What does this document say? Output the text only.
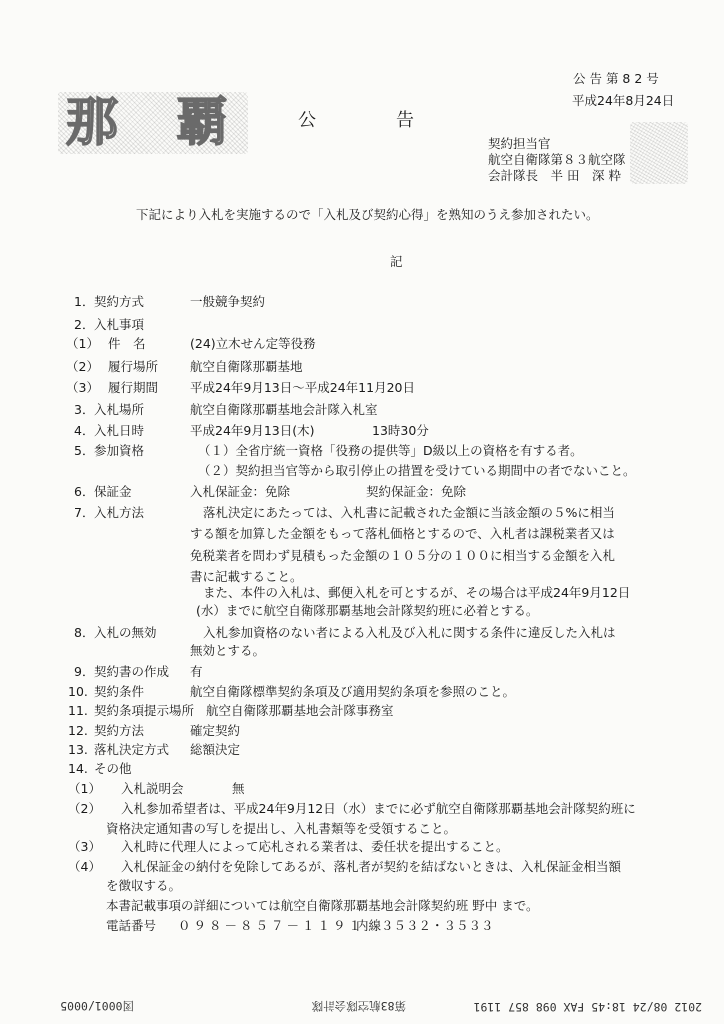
公 告 第 8 2 号
平成24年8月24日
那 覇	公	告
契約担当官
航空自衛隊第８３航空隊
会計隊長　半 田　深 粋
下記により入札を実施するので「入札及び契約心得」を熟知のうえ参加されたい。
記
1． 契約方式	一般競争契約
2． 入札事項
（1） 件　名	(24)立木せん定等役務
（2） 履行場所	航空自衛隊那覇基地
（3） 履行期間	平成24年9月13日～平成24年11月20日
3． 入札場所	航空自衛隊那覇基地会計隊入札室
4． 入札日時	平成24年9月13日(木)	13時30分
5． 参加資格	（１）全省庁統一資格「役務の提供等」D級以上の資格を有する者。
（２）契約担当官等から取引停止の措置を受けている期間中の者でないこと。
6． 保証金	入札保証金：免除	契約保証金：免除
7． 入札方法	落札決定にあたっては、入札書に記載された金額に当該金額の５%に相当
する額を加算した金額をもって落札価格とするので、入札者は課税業者又は
免税業者を問わず見積もった金額の１０５分の１００に相当する金額を入札
書に記載すること。
また、本件の入札は、郵便入札を可とするが、その場合は平成24年9月12日
(水）までに航空自衛隊那覇基地会計隊契約班に必着とする。
8． 入札の無効	入札参加資格のない者による入札及び入札に関する条件に違反した入札は
無効とする。
9． 契約書の作成 有
10. 契約条件	航空自衛隊標準契約条項及び適用契約条項を参照のこと。
11. 契約条項提示場所 航空自衛隊那覇基地会計隊事務室
12. 契約方法	確定契約
13. 落札決定方式 総額決定
14. その他
（1） 入札説明会	無
（2） 入札参加希望者は、平成24年9月12日（水）までに必ず航空自衛隊那覇基地会計隊契約班に
資格決定通知書の写しを提出し、入札書類等を受領すること。
（3） 入札時に代理人によって応札される業者は、委任状を提出すること。
（4） 入札保証金の納付を免除してあるが、落札者が契約を結ばないときは、入札保証金相当額
を徴収する。
本書記載事項の詳細については航空自衛隊那覇基地会計隊契約班 野中 まで。
電話番号 ０９８－８５７－１１９１
内線３５３２・３５３３
2012 08/24 18:45 FAX 098 857 1191
第83航空隊会計隊
図0001/0005
